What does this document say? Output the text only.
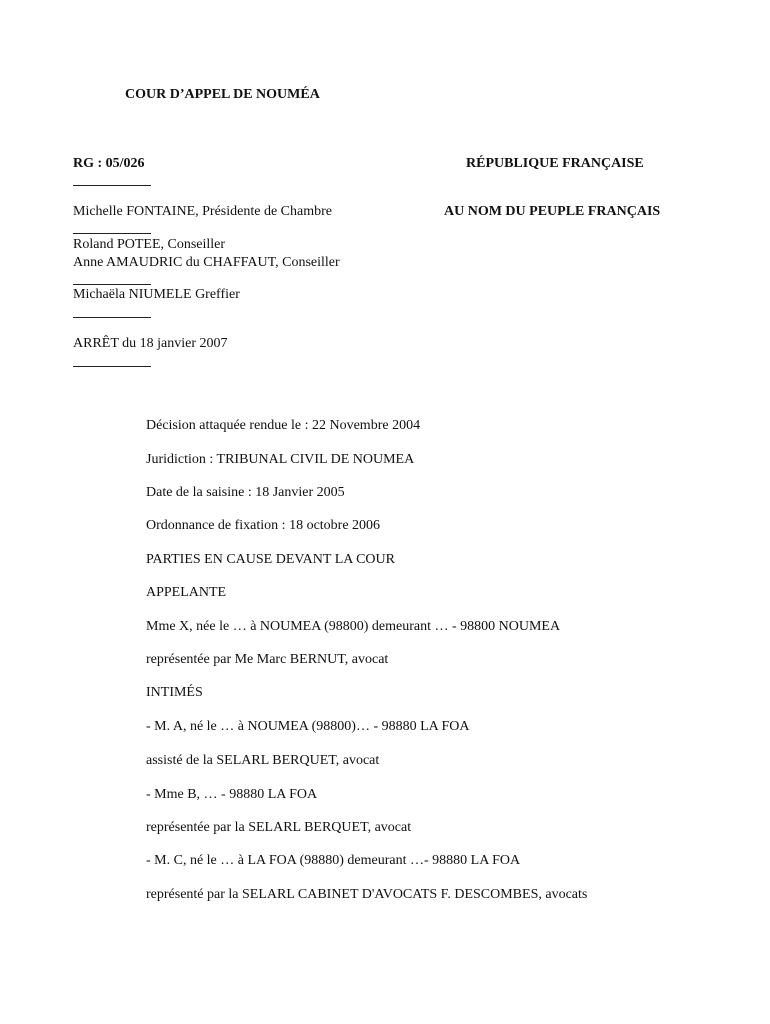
COUR D’APPEL DE NOUMÉA
RG : 05/026	RÉPUBLIQUE FRANÇAISE
Michelle FONTAINE, Présidente de Chambre	AU NOM DU PEUPLE FRANÇAIS
Roland POTEE, Conseiller
Anne AMAUDRIC du CHAFFAUT, Conseiller
Michaëla NIUMELE Greffier
ARRÊT du 18 janvier 2007
Décision attaquée rendue le : 22 Novembre 2004
Juridiction : TRIBUNAL CIVIL DE NOUMEA
Date de la saisine : 18 Janvier 2005
Ordonnance de fixation : 18 octobre 2006
PARTIES EN CAUSE DEVANT LA COUR
APPELANTE
Mme X, née le … à NOUMEA (98800) demeurant … - 98800 NOUMEA
représentée par Me Marc BERNUT, avocat
INTIMÉS
- M. A, né le … à NOUMEA (98800)… - 98880 LA FOA
assisté de la SELARL BERQUET, avocat
- Mme B, … - 98880 LA FOA
représentée par la SELARL BERQUET, avocat
- M. C, né le … à LA FOA (98880) demeurant …- 98880 LA FOA
représenté par la SELARL CABINET D'AVOCATS F. DESCOMBES, avocats
